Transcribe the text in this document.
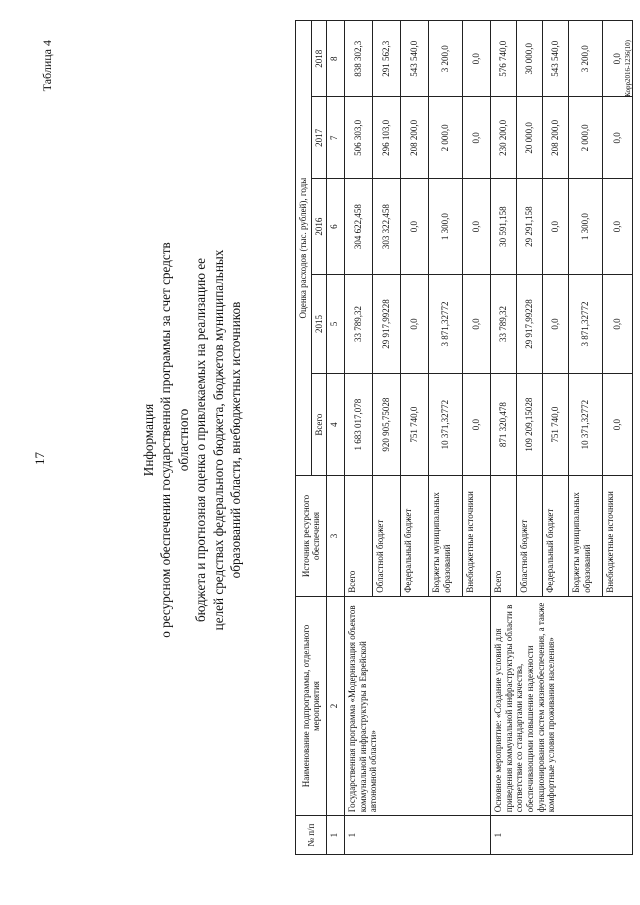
17
Таблица 4
Информация о ресурсном обеспечении государственной программы за счет средств областного бюджета и прогнозная оценка о привлекаемых на реализацию ее целей средствах федерального бюджета, бюджетов муниципальных образований области, внебюджетных источников
№ п/п	Наименование подпрограммы, отдельного мероприятия	Источник ресурсного обеспечения	Оценка расходов (тыс. рублей), годы				
			Всего	2015	2016	2017	2018
1	2	3	4	5	6	7	8
1	Государственная программа «Модернизация объектов коммунальной инфраструктуры в Еврейской автономной области»	Всего	1 683 017,078	33 789,32	304 622,458	506 303,0	838 302,3
		Областной бюджет	920 905,75028	29 917,99228	303 322,458	296 103,0	291 562,3
		Федеральный бюджет	751 740,0	0,0	0,0	208 200,0	543 540,0
		Бюджеты муниципальных образований	10 371,32772	3 871,32772	1 300,0	2 000,0	3 200,0
		Внебюджетные источники	0,0	0,0	0,0	0,0	0,0
1	Основное мероприятие: «Создание условий для приведения коммунальной инфраструктуры области в соответствие со стандартами качества, обеспечивающими повышение надежности функционирования систем жизнеобеспечения, а также комфортные условия проживания населения»	Всего	871 320,478	33 789,32	30 591,158	230 200,0	576 740,0
		Областной бюджет	109 209,15028	29 917,99228	29 291,158	20 000,0	30 000,0
		Федеральный бюджет	751 740,0	0,0	0,0	208 200,0	543 540,0
		Бюджеты муниципальных образований	10 371,32772	3 871,32772	1 300,0	2 000,0	3 200,0
		Внебюджетные источники	0,0	0,0	0,0	0,0	0,0 Корр2016-1236(10)
